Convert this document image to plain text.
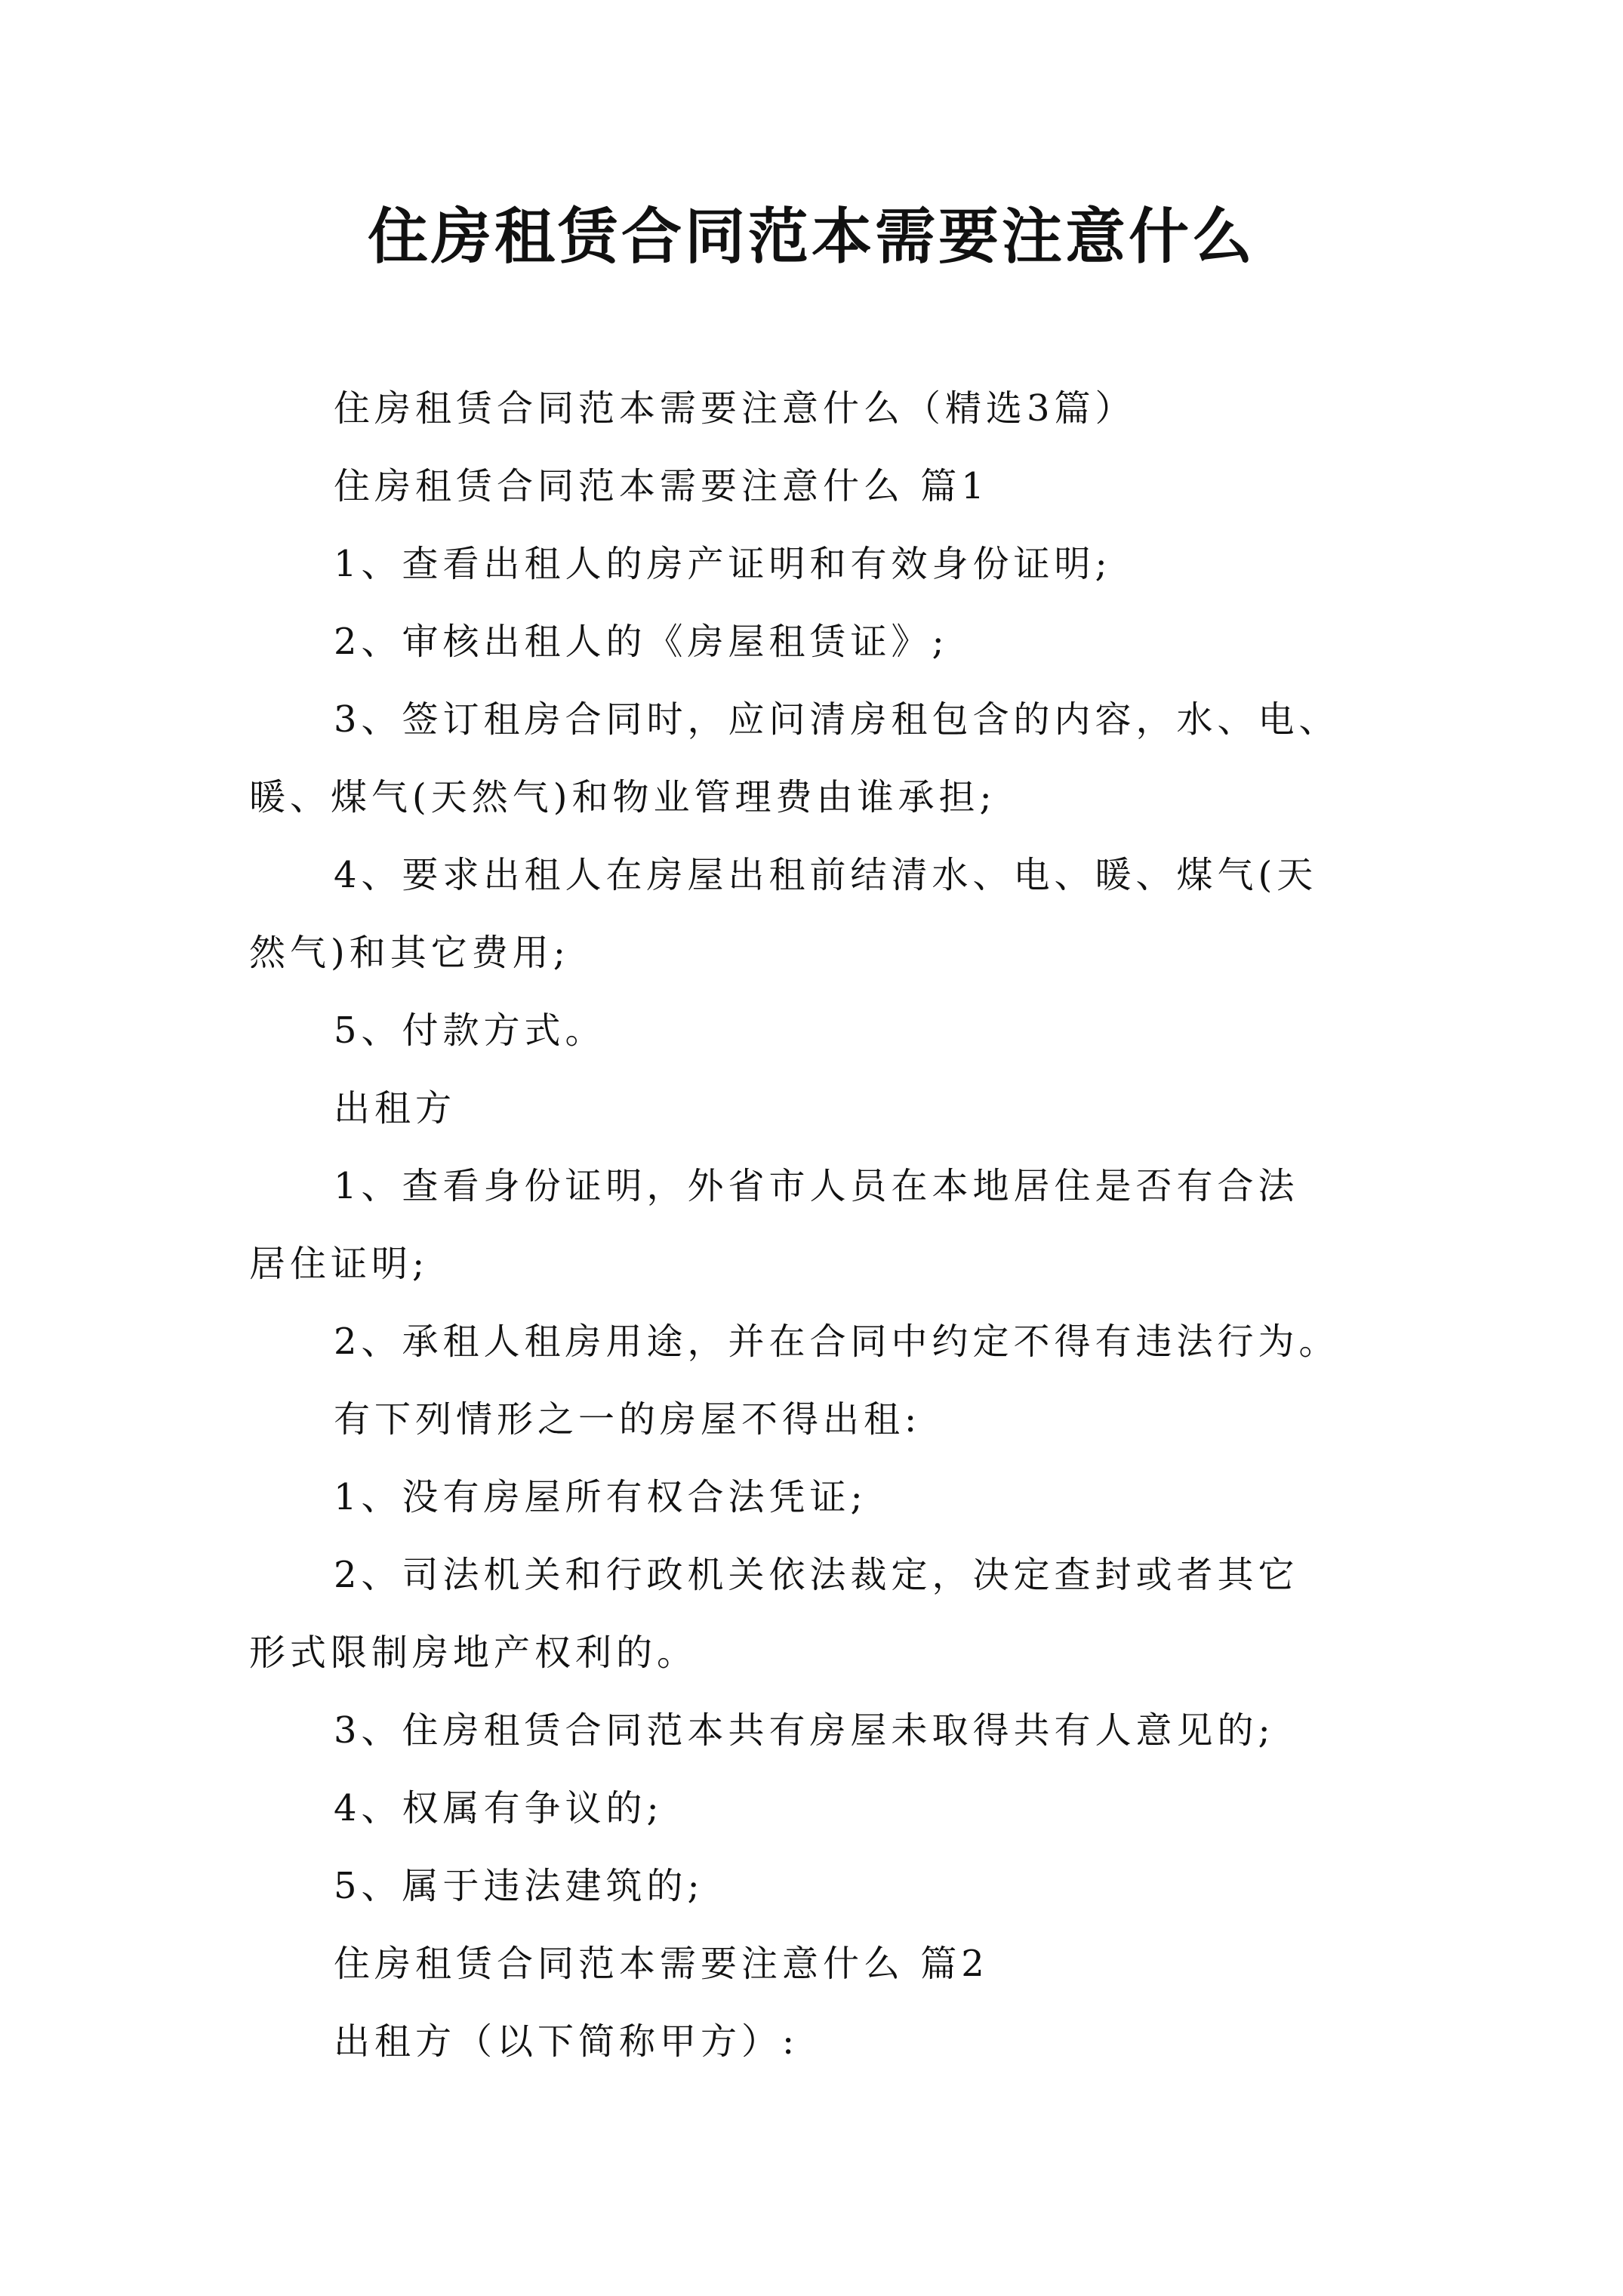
住房租赁合同范本需要注意什么

住房租赁合同范本需要注意什么（精选3篇）

住房租赁合同范本需要注意什么 篇1

1、查看出租人的房产证明和有效身份证明;

2、审核出租人的《房屋租赁证》;

3、签订租房合同时，应问清房租包含的内容，水、电、
暖、煤气(天然气)和物业管理费由谁承担;

4、要求出租人在房屋出租前结清水、电、暖、煤气(天
然气)和其它费用;

5、付款方式。

出租方

1、查看身份证明，外省市人员在本地居住是否有合法
居住证明;

2、承租人租房用途，并在合同中约定不得有违法行为。

有下列情形之一的房屋不得出租:

1、没有房屋所有权合法凭证;

2、司法机关和行政机关依法裁定，决定查封或者其它
形式限制房地产权利的。

3、住房租赁合同范本共有房屋未取得共有人意见的;

4、权属有争议的;

5、属于违法建筑的;

住房租赁合同范本需要注意什么 篇2

出租方（以下简称甲方）:
